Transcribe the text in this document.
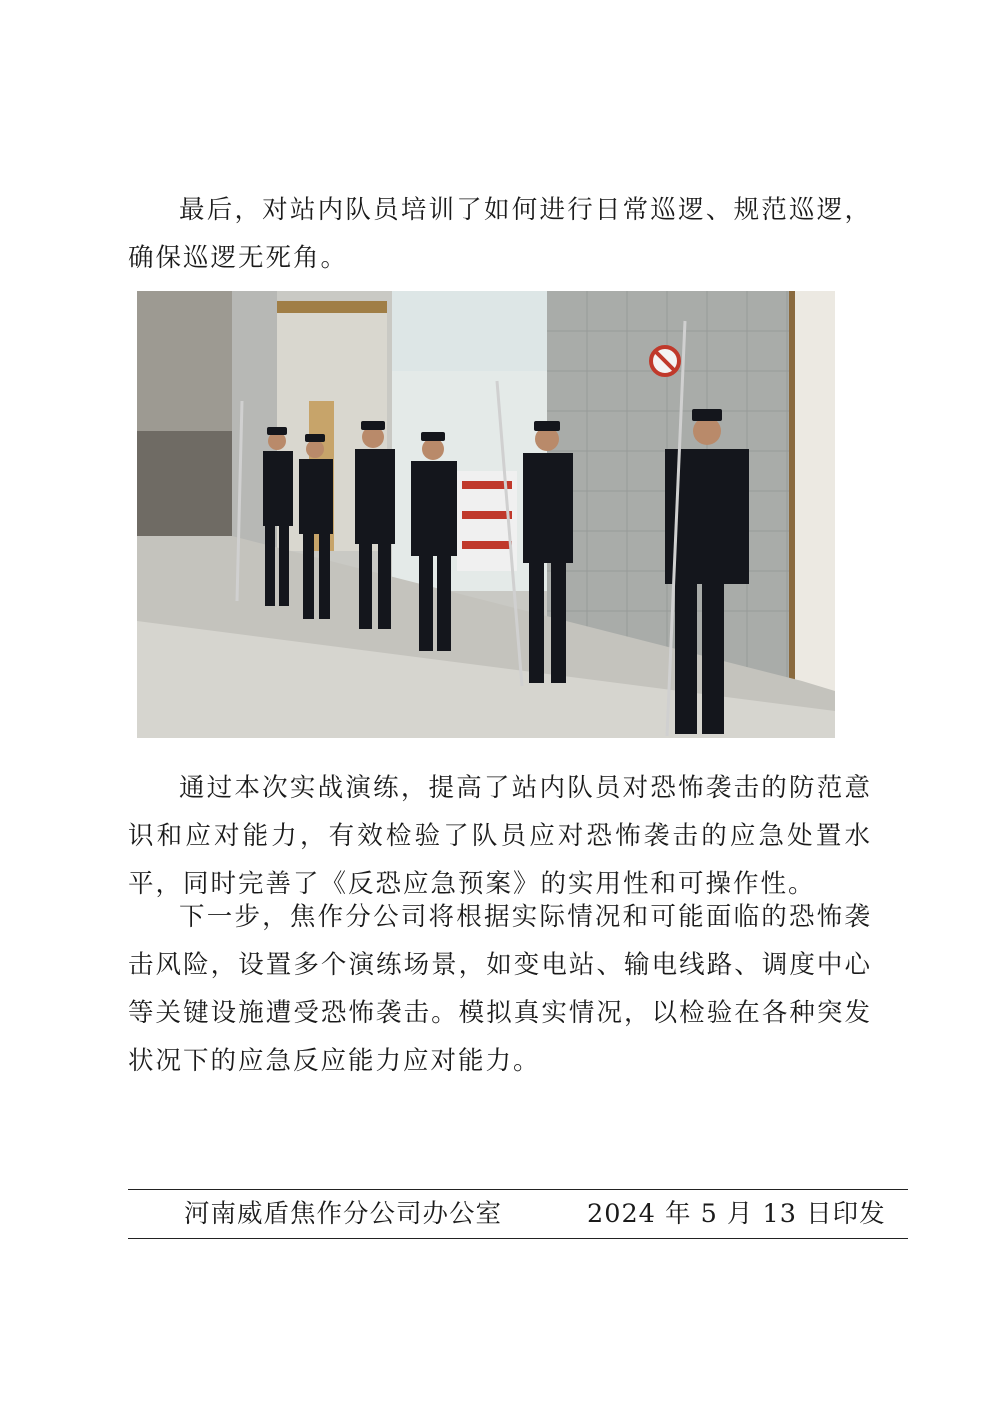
最后，对站内队员培训了如何进行日常巡逻、规范巡逻，确保巡逻无死角。

通过本次实战演练，提高了站内队员对恐怖袭击的防范意识和应对能力，有效检验了队员应对恐怖袭击的应急处置水平，同时完善了《反恐应急预案》的实用性和可操作性。

下一步，焦作分公司将根据实际情况和可能面临的恐怖袭击风险，设置多个演练场景，如变电站、输电线路、调度中心等关键设施遭受恐怖袭击。模拟真实情况，以检验在各种突发状况下的应急反应能力应对能力。

河南威盾焦作分公司办公室	2024 年 5 月 13 日印发
